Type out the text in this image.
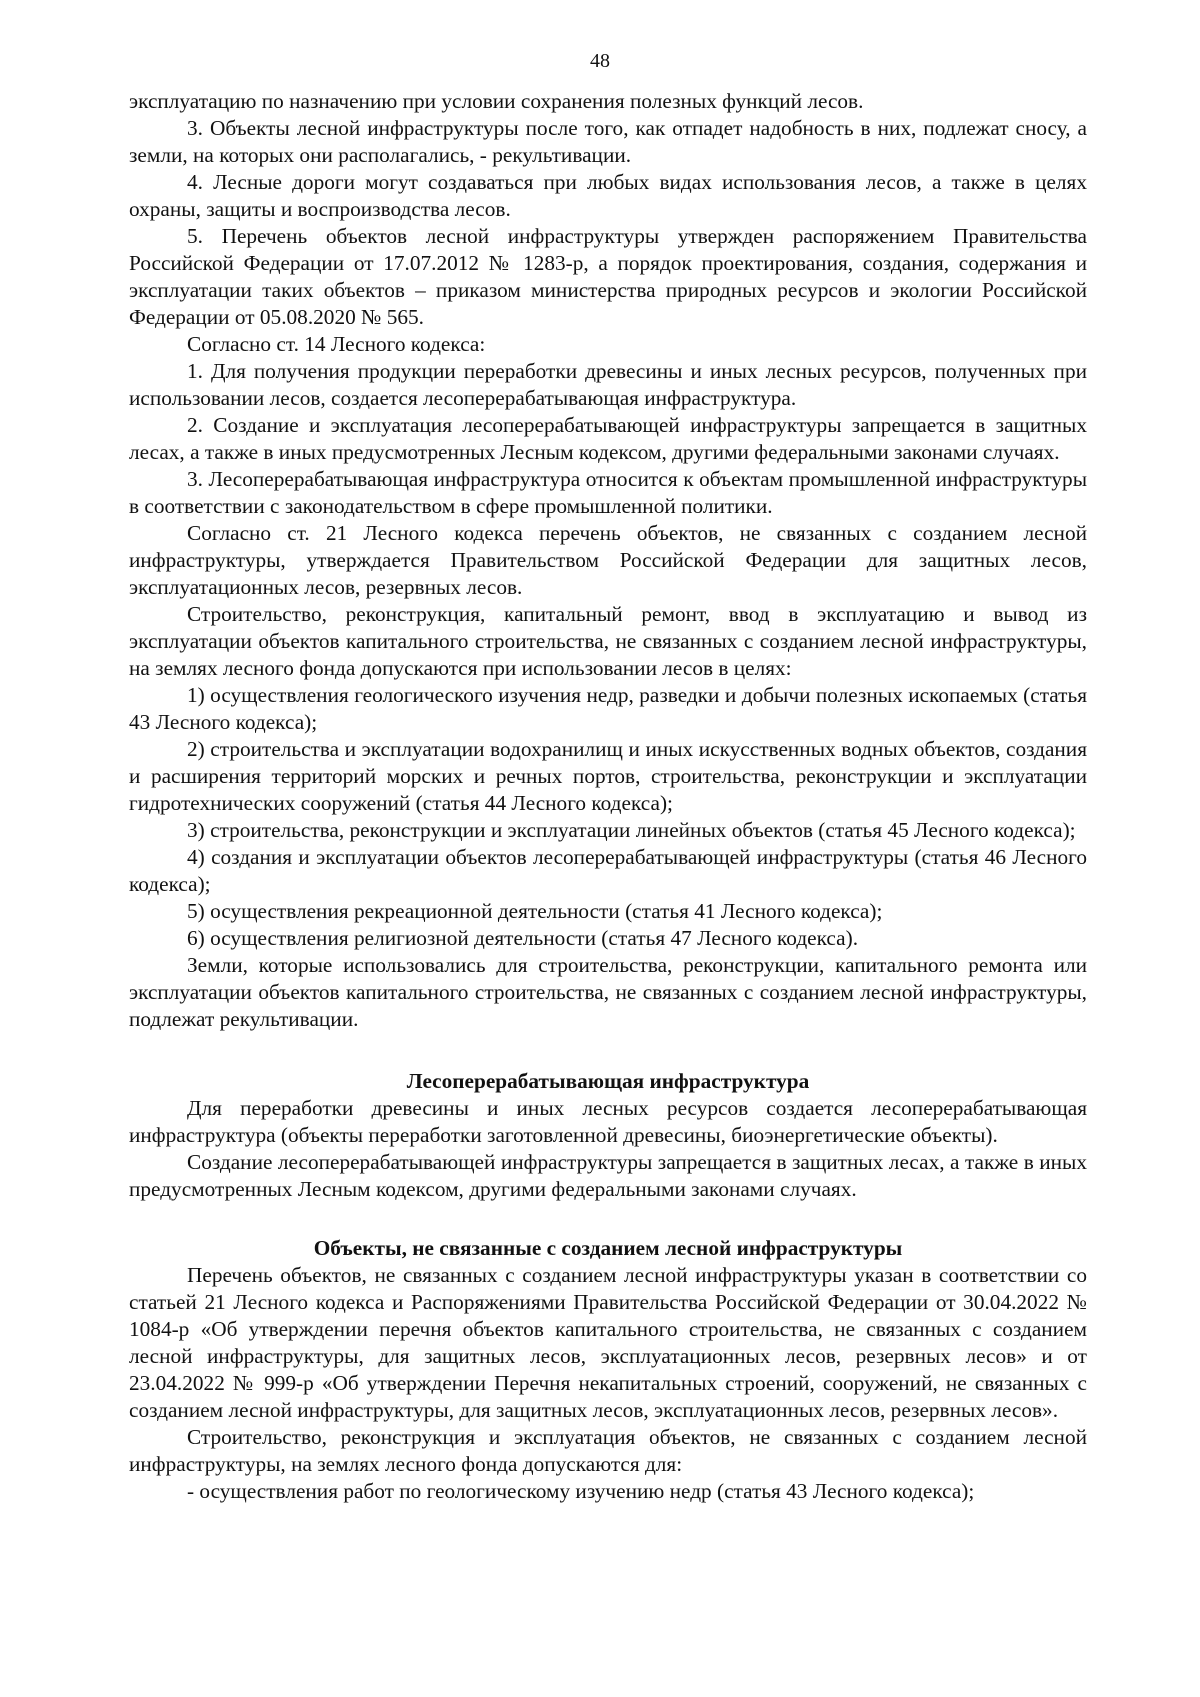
48

эксплуатацию по назначению при условии сохранения полезных функций лесов.

3. Объекты лесной инфраструктуры после того, как отпадет надобность в них, подлежат сносу, а земли, на которых они располагались, - рекультивации.

4. Лесные дороги могут создаваться при любых видах использования лесов, а также в целях охраны, защиты и воспроизводства лесов.

5. Перечень объектов лесной инфраструктуры утвержден распоряжением Правительства Российской Федерации от 17.07.2012 № 1283-р, а порядок проектирования, создания, содержания и эксплуатации таких объектов – приказом министерства природных ресурсов и экологии Российской Федерации от 05.08.2020 № 565.

Согласно ст. 14 Лесного кодекса:

1. Для получения продукции переработки древесины и иных лесных ресурсов, полученных при использовании лесов, создается лесоперерабатывающая инфраструктура.

2. Создание и эксплуатация лесоперерабатывающей инфраструктуры запрещается в защитных лесах, а также в иных предусмотренных Лесным кодексом, другими федеральными законами случаях.

3. Лесоперерабатывающая инфраструктура относится к объектам промышленной инфраструктуры в соответствии с законодательством в сфере промышленной политики.

Согласно ст. 21 Лесного кодекса перечень объектов, не связанных с созданием лесной инфраструктуры, утверждается Правительством Российской Федерации для защитных лесов, эксплуатационных лесов, резервных лесов.

Строительство, реконструкция, капитальный ремонт, ввод в эксплуатацию и вывод из эксплуатации объектов капитального строительства, не связанных с созданием лесной инфраструктуры, на землях лесного фонда допускаются при использовании лесов в целях:

1) осуществления геологического изучения недр, разведки и добычи полезных ископаемых (статья 43 Лесного кодекса);

2) строительства и эксплуатации водохранилищ и иных искусственных водных объектов, создания и расширения территорий морских и речных портов, строительства, реконструкции и эксплуатации гидротехнических сооружений (статья 44 Лесного кодекса);

3) строительства, реконструкции и эксплуатации линейных объектов (статья 45 Лесного кодекса);

4) создания и эксплуатации объектов лесоперерабатывающей инфраструктуры (статья 46 Лесного кодекса);

5) осуществления рекреационной деятельности (статья 41 Лесного кодекса);

6) осуществления религиозной деятельности (статья 47 Лесного кодекса).

Земли, которые использовались для строительства, реконструкции, капитального ремонта или эксплуатации объектов капитального строительства, не связанных с созданием лесной инфраструктуры, подлежат рекультивации.

Лесоперерабатывающая инфраструктура

Для переработки древесины и иных лесных ресурсов создается лесоперерабатывающая инфраструктура (объекты переработки заготовленной древесины, биоэнергетические объекты).

Создание лесоперерабатывающей инфраструктуры запрещается в защитных лесах, а также в иных предусмотренных Лесным кодексом, другими федеральными законами случаях.

Объекты, не связанные с созданием лесной инфраструктуры

Перечень объектов, не связанных с созданием лесной инфраструктуры указан в соответствии со статьей 21 Лесного кодекса и Распоряжениями Правительства Российской Федерации от 30.04.2022 № 1084-р «Об утверждении перечня объектов капитального строительства, не связанных с созданием лесной инфраструктуры, для защитных лесов, эксплуатационных лесов, резервных лесов» и от 23.04.2022 № 999-р «Об утверждении Перечня некапитальных строений, сооружений, не связанных с созданием лесной инфраструктуры, для защитных лесов, эксплуатационных лесов, резервных лесов».

Строительство, реконструкция и эксплуатация объектов, не связанных с созданием лесной инфраструктуры, на землях лесного фонда допускаются для:

- осуществления работ по геологическому изучению недр (статья 43 Лесного кодекса);
